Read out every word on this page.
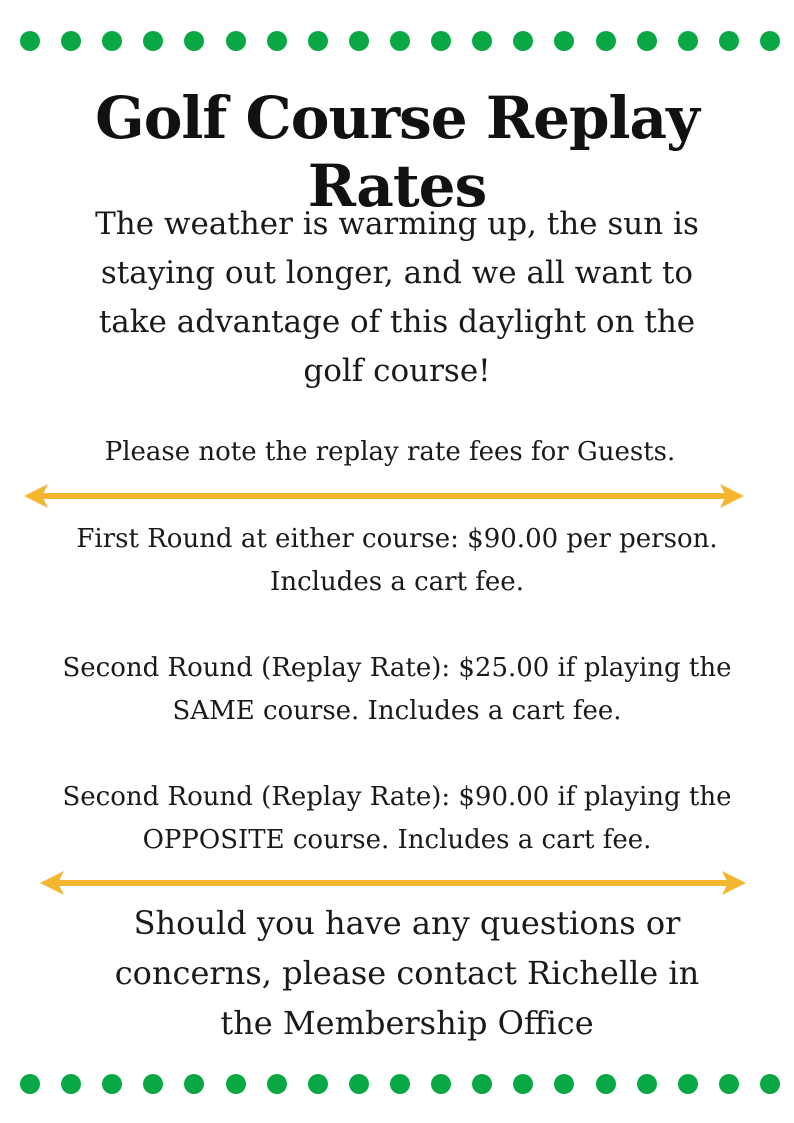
Golf Course Replay Rates
The weather is warming up, the sun is
staying out longer, and we all want to
take advantage of this daylight on the
golf course!
Please note the replay rate fees for Guests.
First Round at either course: $90.00 per person.
Includes a cart fee.
Second Round (Replay Rate): $25.00 if playing the
SAME course. Includes a cart fee.
Second Round (Replay Rate): $90.00 if playing the
OPPOSITE course. Includes a cart fee.
Should you have any questions or
concerns, please contact Richelle in
the Membership Office
